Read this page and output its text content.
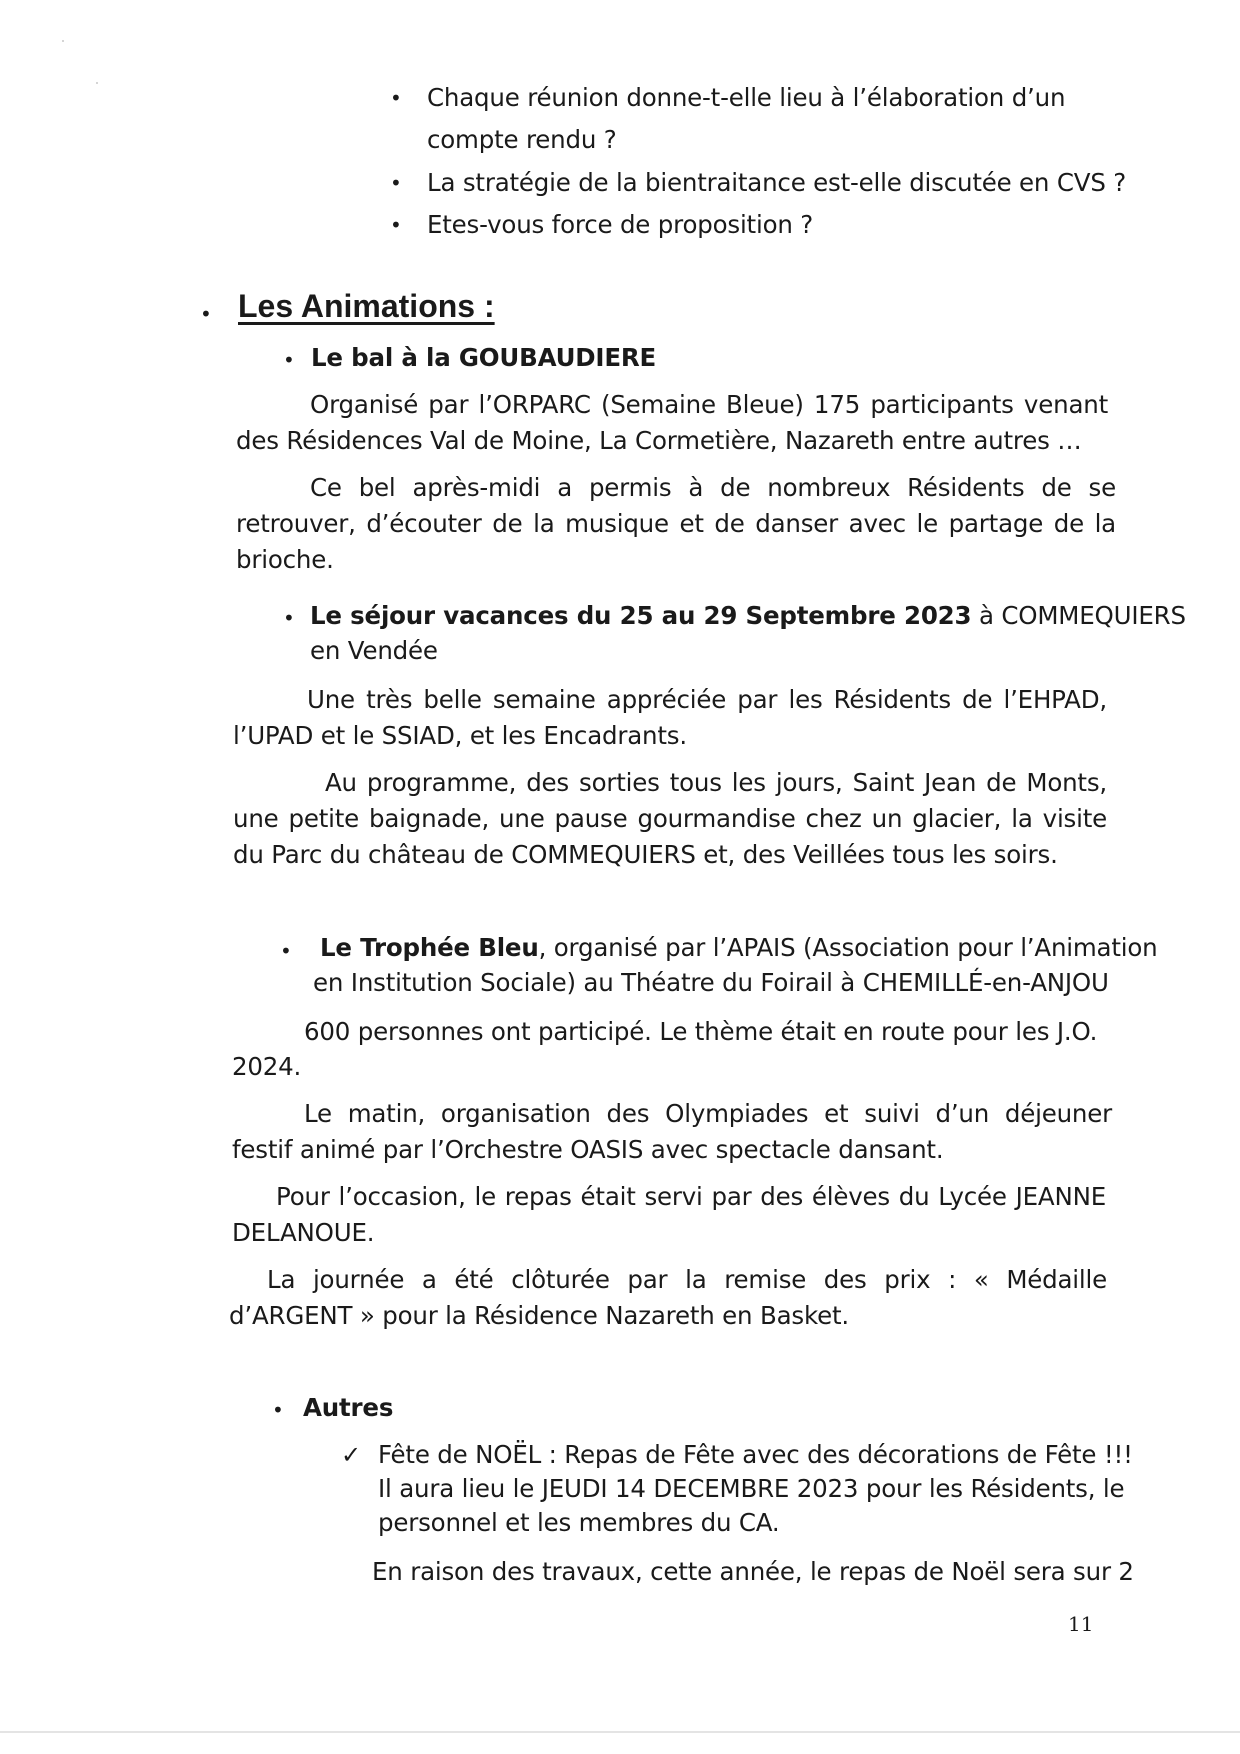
• Chaque réunion donne-t-elle lieu à l’élaboration d’un
compte rendu ?
• La stratégie de la bientraitance est-elle discutée en CVS ?
• Etes-vous force de proposition ?
• Les Animations :
• Le bal à la GOUBAUDIERE
Organisé par l’ORPARC (Semaine Bleue) 175 participants venant des Résidences Val de Moine, La Cormetière, Nazareth entre autres …
Ce bel après-midi a permis à de nombreux Résidents de se retrouver, d’écouter de la musique et de danser avec le partage de la brioche.
• Le séjour vacances du 25 au 29 Septembre 2023 à COMMEQUIERS
en Vendée
Une très belle semaine appréciée par les Résidents de l’EHPAD, l’UPAD et le SSIAD, et les Encadrants.
Au programme, des sorties tous les jours, Saint Jean de Monts, une petite baignade, une pause gourmandise chez un glacier, la visite du Parc du château de COMMEQUIERS et, des Veillées tous les soirs.
• Le Trophée Bleu, organisé par l’APAIS (Association pour l’Animation
en Institution Sociale) au Théatre du Foirail à CHEMILLÉ-en-ANJOU
600 personnes ont participé. Le thème était en route pour les J.O.
2024.
Le matin, organisation des Olympiades et suivi d’un déjeuner festif animé par l’Orchestre OASIS avec spectacle dansant.
Pour l’occasion, le repas était servi par des élèves du Lycée JEANNE DELANOUE.
La journée a été clôturée par la remise des prix : « Médaille d’ARGENT » pour la Résidence Nazareth en Basket.
• Autres
✓ Fête de NOËL : Repas de Fête avec des décorations de Fête !!!
Il aura lieu le JEUDI 14 DECEMBRE 2023 pour les Résidents, le
personnel et les membres du CA.
En raison des travaux, cette année, le repas de Noël sera sur 2
11
